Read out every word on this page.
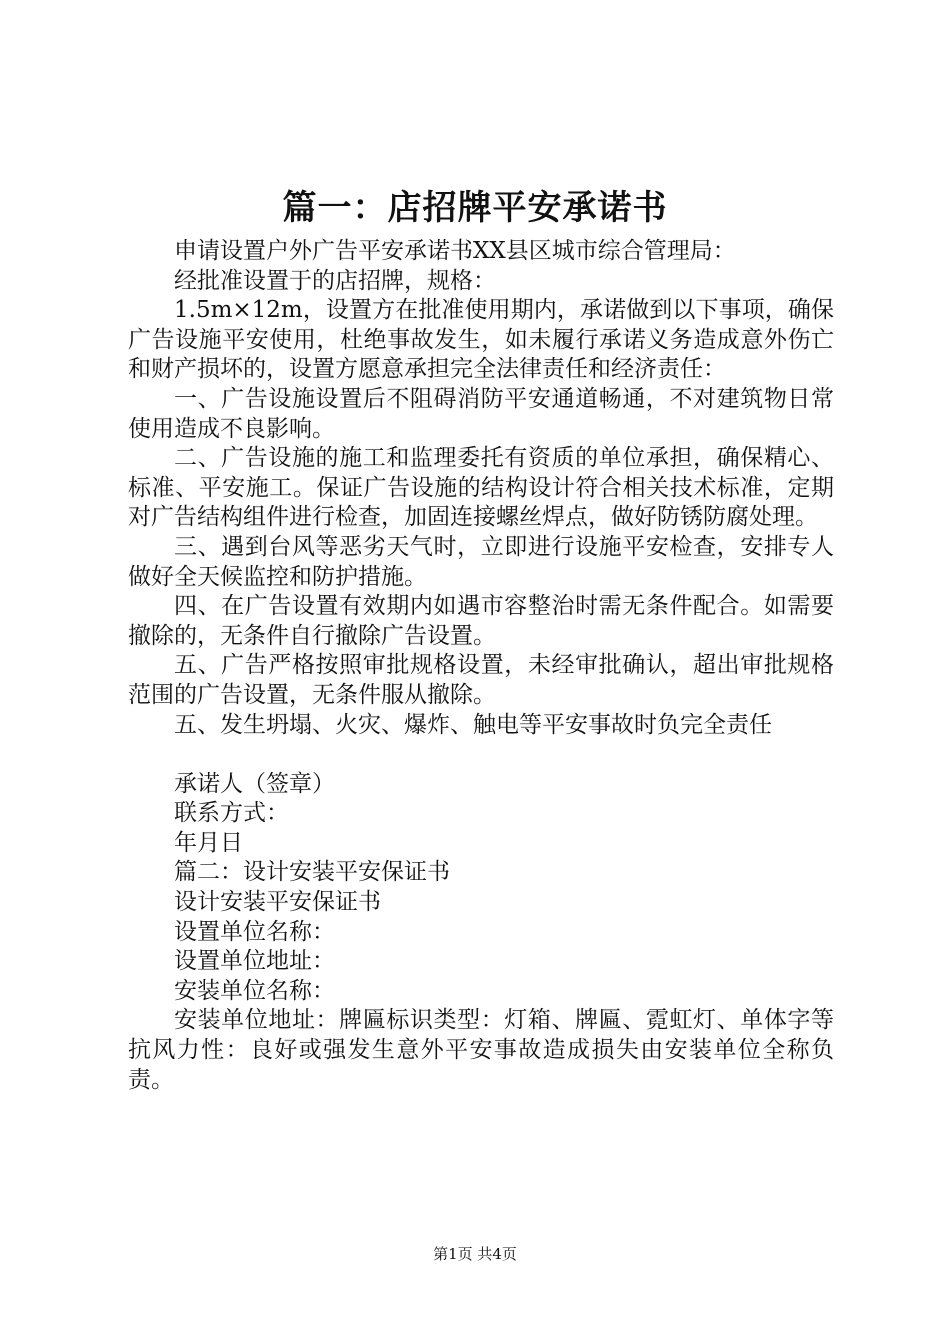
篇一：店招牌平安承诺书

申请设置户外广告平安承诺书XX县区城市综合管理局：

经批准设置于的店招牌，规格：

1.5m×12m，设置方在批准使用期内，承诺做到以下事项，确保广告设施平安使用，杜绝事故发生，如未履行承诺义务造成意外伤亡和财产损坏的，设置方愿意承担完全法律责任和经济责任：

一、广告设施设置后不阻碍消防平安通道畅通，不对建筑物日常使用造成不良影响。

二、广告设施的施工和监理委托有资质的单位承担，确保精心、标准、平安施工。保证广告设施的结构设计符合相关技术标准，定期对广告结构组件进行检查，加固连接螺丝焊点，做好防锈防腐处理。

三、遇到台风等恶劣天气时，立即进行设施平安检查，安排专人做好全天候监控和防护措施。

四、在广告设置有效期内如遇市容整治时需无条件配合。如需要撤除的，无条件自行撤除广告设置。

五、广告严格按照审批规格设置，未经审批确认，超出审批规格范围的广告设置，无条件服从撤除。

五、发生坍塌、火灾、爆炸、触电等平安事故时负完全责任

承诺人（签章）

联系方式：

年月日

篇二：设计安装平安保证书

设计安装平安保证书

设置单位名称：

设置单位地址：

安装单位名称：

安装单位地址：牌匾标识类型：灯箱、牌匾、霓虹灯、单体字等抗风力性：良好或强发生意外平安事故造成损失由安装单位全称负责。

第1页 共4页
